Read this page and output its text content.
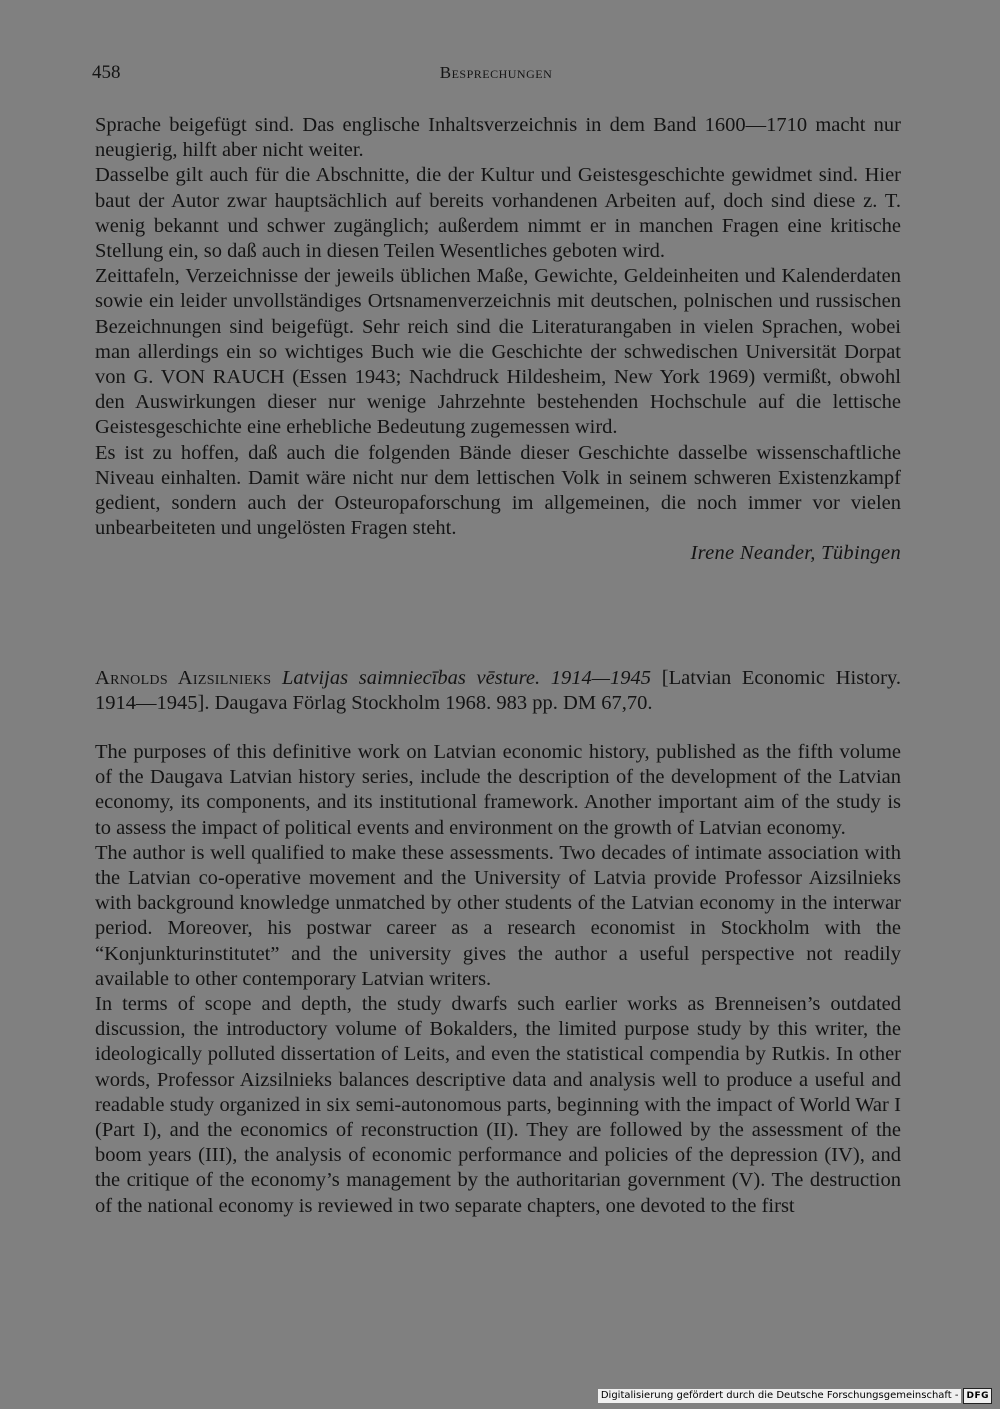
458	Besprechungen

Sprache beigefügt sind. Das englische Inhaltsverzeichnis in dem Band 1600—1710 macht nur neugierig, hilft aber nicht weiter.

Dasselbe gilt auch für die Abschnitte, die der Kultur und Geistesgeschichte gewidmet sind. Hier baut der Autor zwar hauptsächlich auf bereits vorhandenen Arbeiten auf, doch sind diese z. T. wenig bekannt und schwer zugänglich; außerdem nimmt er in manchen Fragen eine kritische Stellung ein, so daß auch in diesen Teilen Wesentliches geboten wird.

Zeittafeln, Verzeichnisse der jeweils üblichen Maße, Gewichte, Geldeinheiten und Kalenderdaten sowie ein leider unvollständiges Ortsnamenverzeichnis mit deutschen, polnischen und russischen Bezeichnungen sind beigefügt. Sehr reich sind die Literaturangaben in vielen Sprachen, wobei man allerdings ein so wichtiges Buch wie die Geschichte der schwedischen Universität Dorpat von G. VON RAUCH (Essen 1943; Nachdruck Hildesheim, New York 1969) vermißt, obwohl den Auswirkungen dieser nur wenige Jahrzehnte bestehenden Hochschule auf die lettische Geistesgeschichte eine erhebliche Bedeutung zugemessen wird.

Es ist zu hoffen, daß auch die folgenden Bände dieser Geschichte dasselbe wissenschaftliche Niveau einhalten. Damit wäre nicht nur dem lettischen Volk in seinem schweren Existenzkampf gedient, sondern auch der Osteuropaforschung im allgemeinen, die noch immer vor vielen unbearbeiteten und ungelösten Fragen steht.

Irene Neander, Tübingen

Arnolds Aizsilnieks Latvijas saimniecības vēsture. 1914—1945 [Latvian Economic History. 1914—1945]. Daugava Förlag Stockholm 1968. 983 pp. DM 67,70.

The purposes of this definitive work on Latvian economic history, published as the fifth volume of the Daugava Latvian history series, include the description of the development of the Latvian economy, its components, and its institutional framework. Another important aim of the study is to assess the impact of political events and environment on the growth of Latvian economy.

The author is well qualified to make these assessments. Two decades of intimate association with the Latvian co-operative movement and the University of Latvia provide Professor Aizsilnieks with background knowledge unmatched by other students of the Latvian economy in the interwar period. Moreover, his postwar career as a research economist in Stockholm with the “Konjunkturinstitutet” and the university gives the author a useful perspective not readily available to other contemporary Latvian writers.

In terms of scope and depth, the study dwarfs such earlier works as Brenneisen’s outdated discussion, the introductory volume of Bokalders, the limited purpose study by this writer, the ideologically polluted dissertation of Leits, and even the statistical compendia by Rutkis. In other words, Professor Aizsilnieks balances descriptive data and analysis well to produce a useful and readable study organized in six semi-autonomous parts, beginning with the impact of World War I (Part I), and the economics of reconstruction (II). They are followed by the assessment of the boom years (III), the analysis of economic performance and policies of the depression (IV), and the critique of the economy’s management by the authoritarian government (V). The destruction of the national economy is reviewed in two separate chapters, one devoted to the first

Digitalisierung gefördert durch die Deutsche Forschungsgemeinschaft - DFG
